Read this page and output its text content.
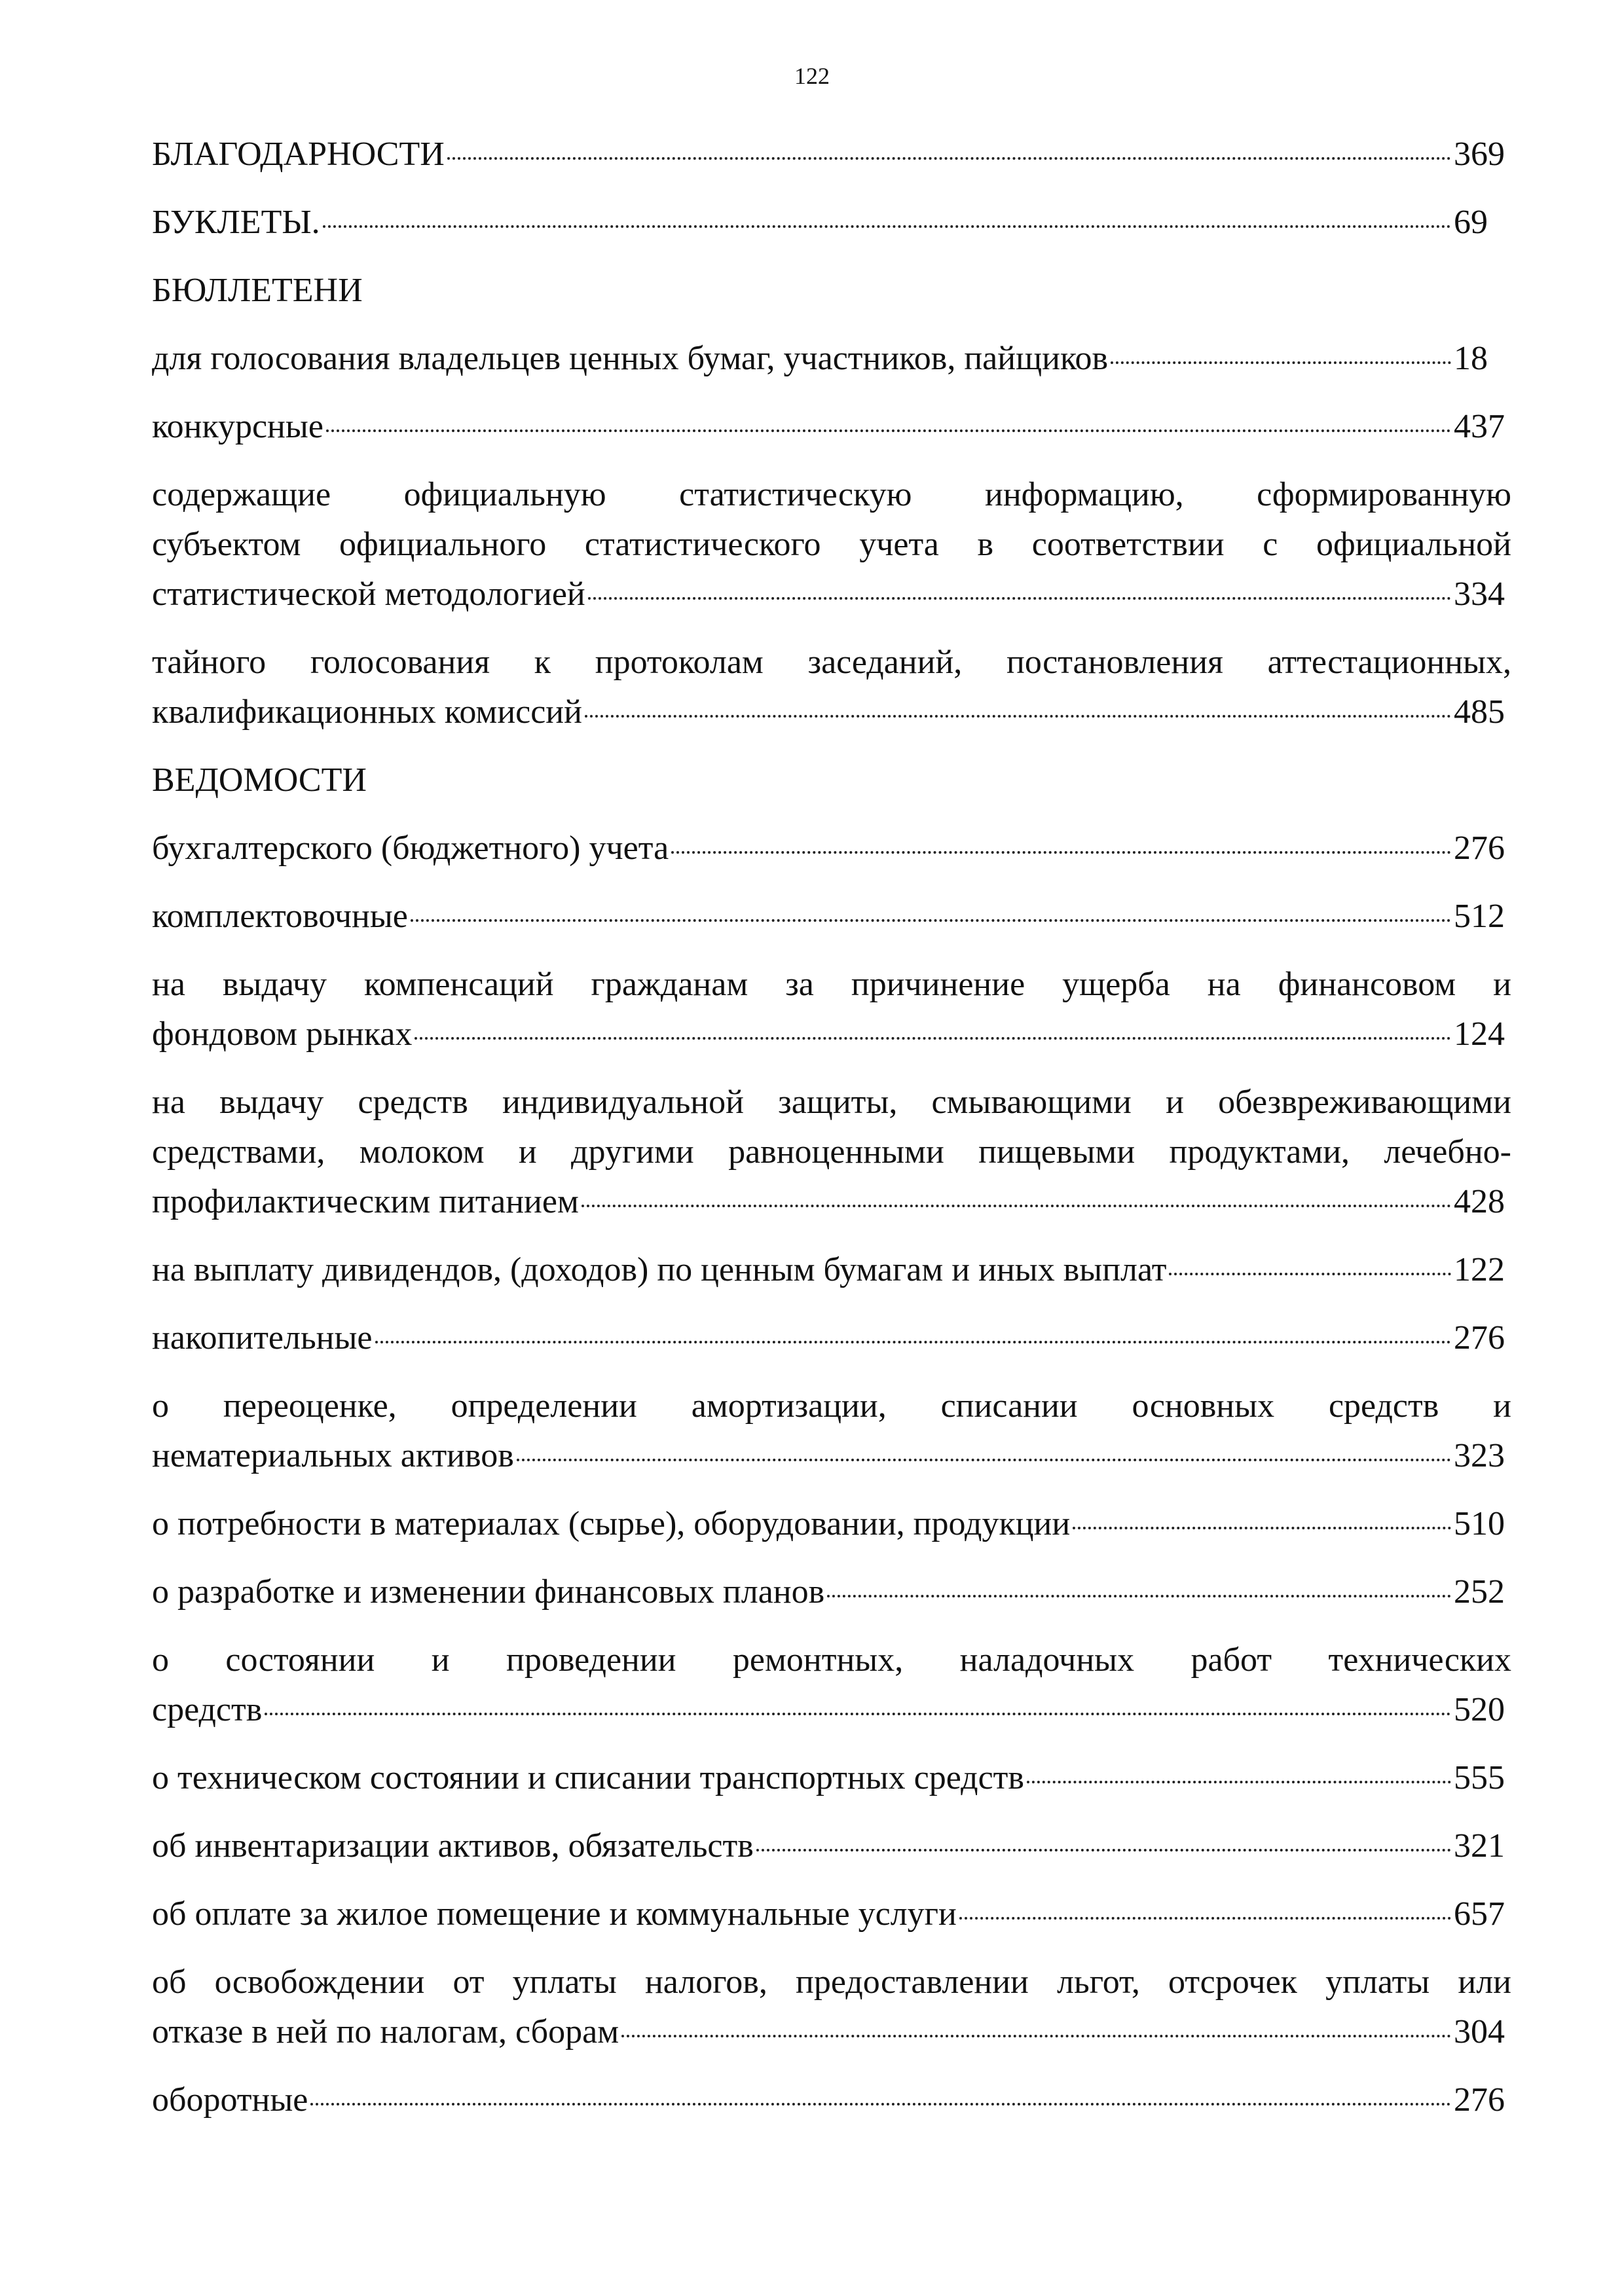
122
БЛАГОДАРНОСТИ	369
БУКЛЕТЫ.	69
БЮЛЛЕТЕНИ
для голосования владельцев ценных бумаг, участников, пайщиков	18
конкурсные	437
содержащие официальную статистическую информацию, сформированную
субъектом официального статистического учета в соответствии с официальной
статистической методологией	334
тайного голосования к протоколам заседаний, постановления аттестационных,
квалификационных комиссий	485
ВЕДОМОСТИ
бухгалтерского (бюджетного) учета	276
комплектовочные	512
на выдачу компенсаций гражданам за причинение ущерба на финансовом и
фондовом рынках	124
на выдачу средств индивидуальной защиты, смывающими и обезвреживающими
средствами, молоком и другими равноценными пищевыми продуктами, лечебно-
профилактическим питанием	428
на выплату дивидендов, (доходов) по ценным бумагам и иных выплат	122
накопительные	276
о переоценке, определении амортизации, списании основных средств и
нематериальных активов	323
о потребности в материалах (сырье), оборудовании, продукции	510
о разработке и изменении финансовых планов	252
о состоянии и проведении ремонтных, наладочных работ технических
средств	520
о техническом состоянии и списании транспортных средств	555
об инвентаризации активов, обязательств	321
об оплате за жилое помещение и коммунальные услуги	657
об освобождении от уплаты налогов, предоставлении льгот, отсрочек уплаты или
отказе в ней по налогам, сборам	304
оборотные	276
